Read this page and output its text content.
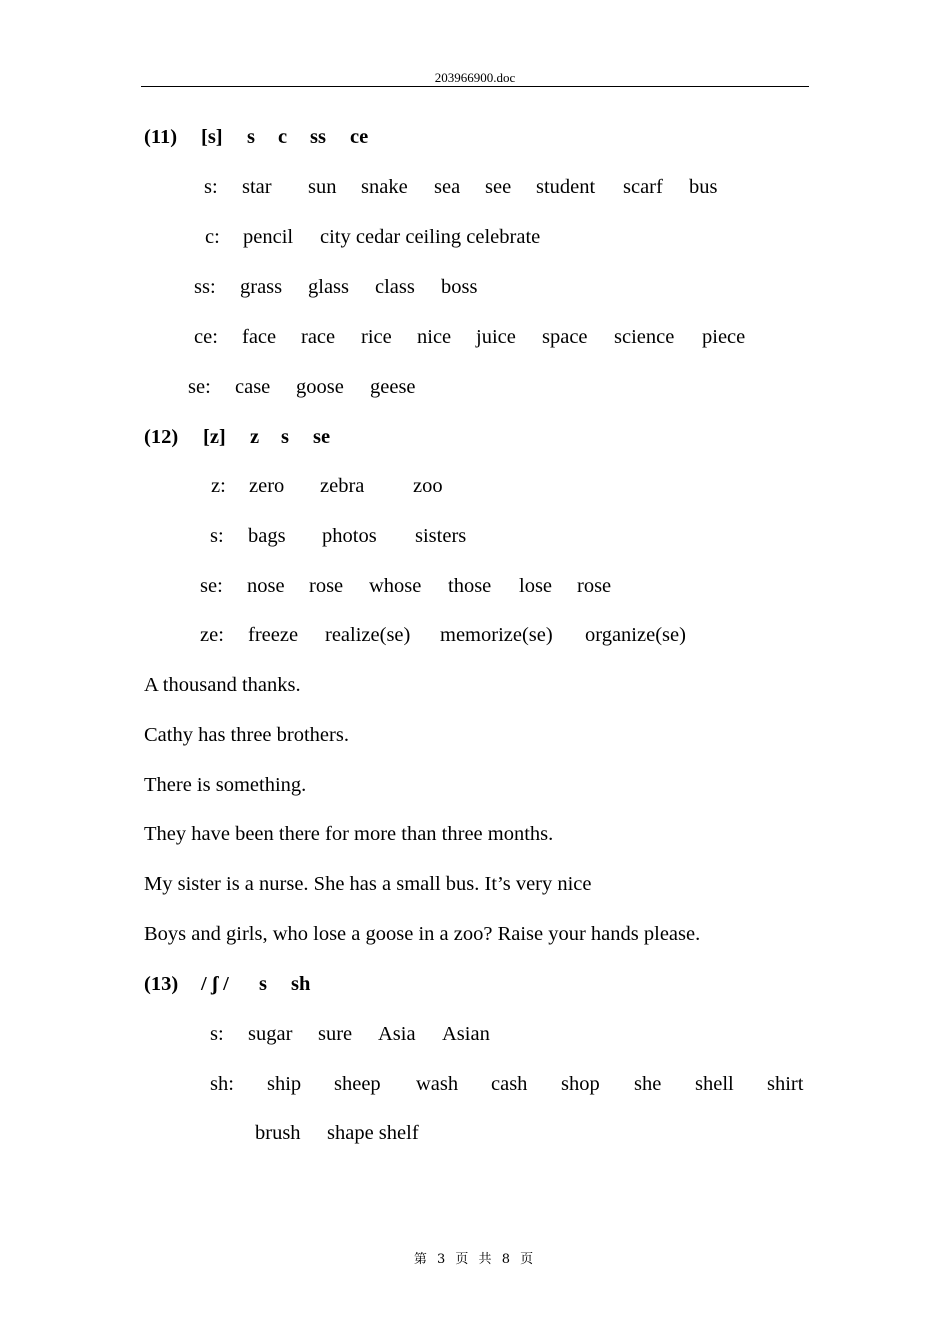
203966900.doc
(11) [s] s c ss ce
s: star sun snake sea see student scarf bus
c: pencil city cedar ceiling celebrate
ss: grass glass class boss
ce: face race rice nice juice space science piece
se: case goose geese
(12) [z] z s se
z: zero zebra zoo
s: bags photos sisters
se: nose rose whose those lose rose
ze: freeze realize(se) memorize(se) organize(se)
A thousand thanks.
Cathy has three brothers.
There is something.
They have been there for more than three months.
My sister is a nurse. She has a small bus. It’s very nice
Boys and girls, who lose a goose in a zoo? Raise your hands please.
(13) / ʃ / s sh
s: sugar sure Asia Asian
sh: ship sheep wash cash shop she shell shirt
brush shape shelf
第 3 页 共 8 页
